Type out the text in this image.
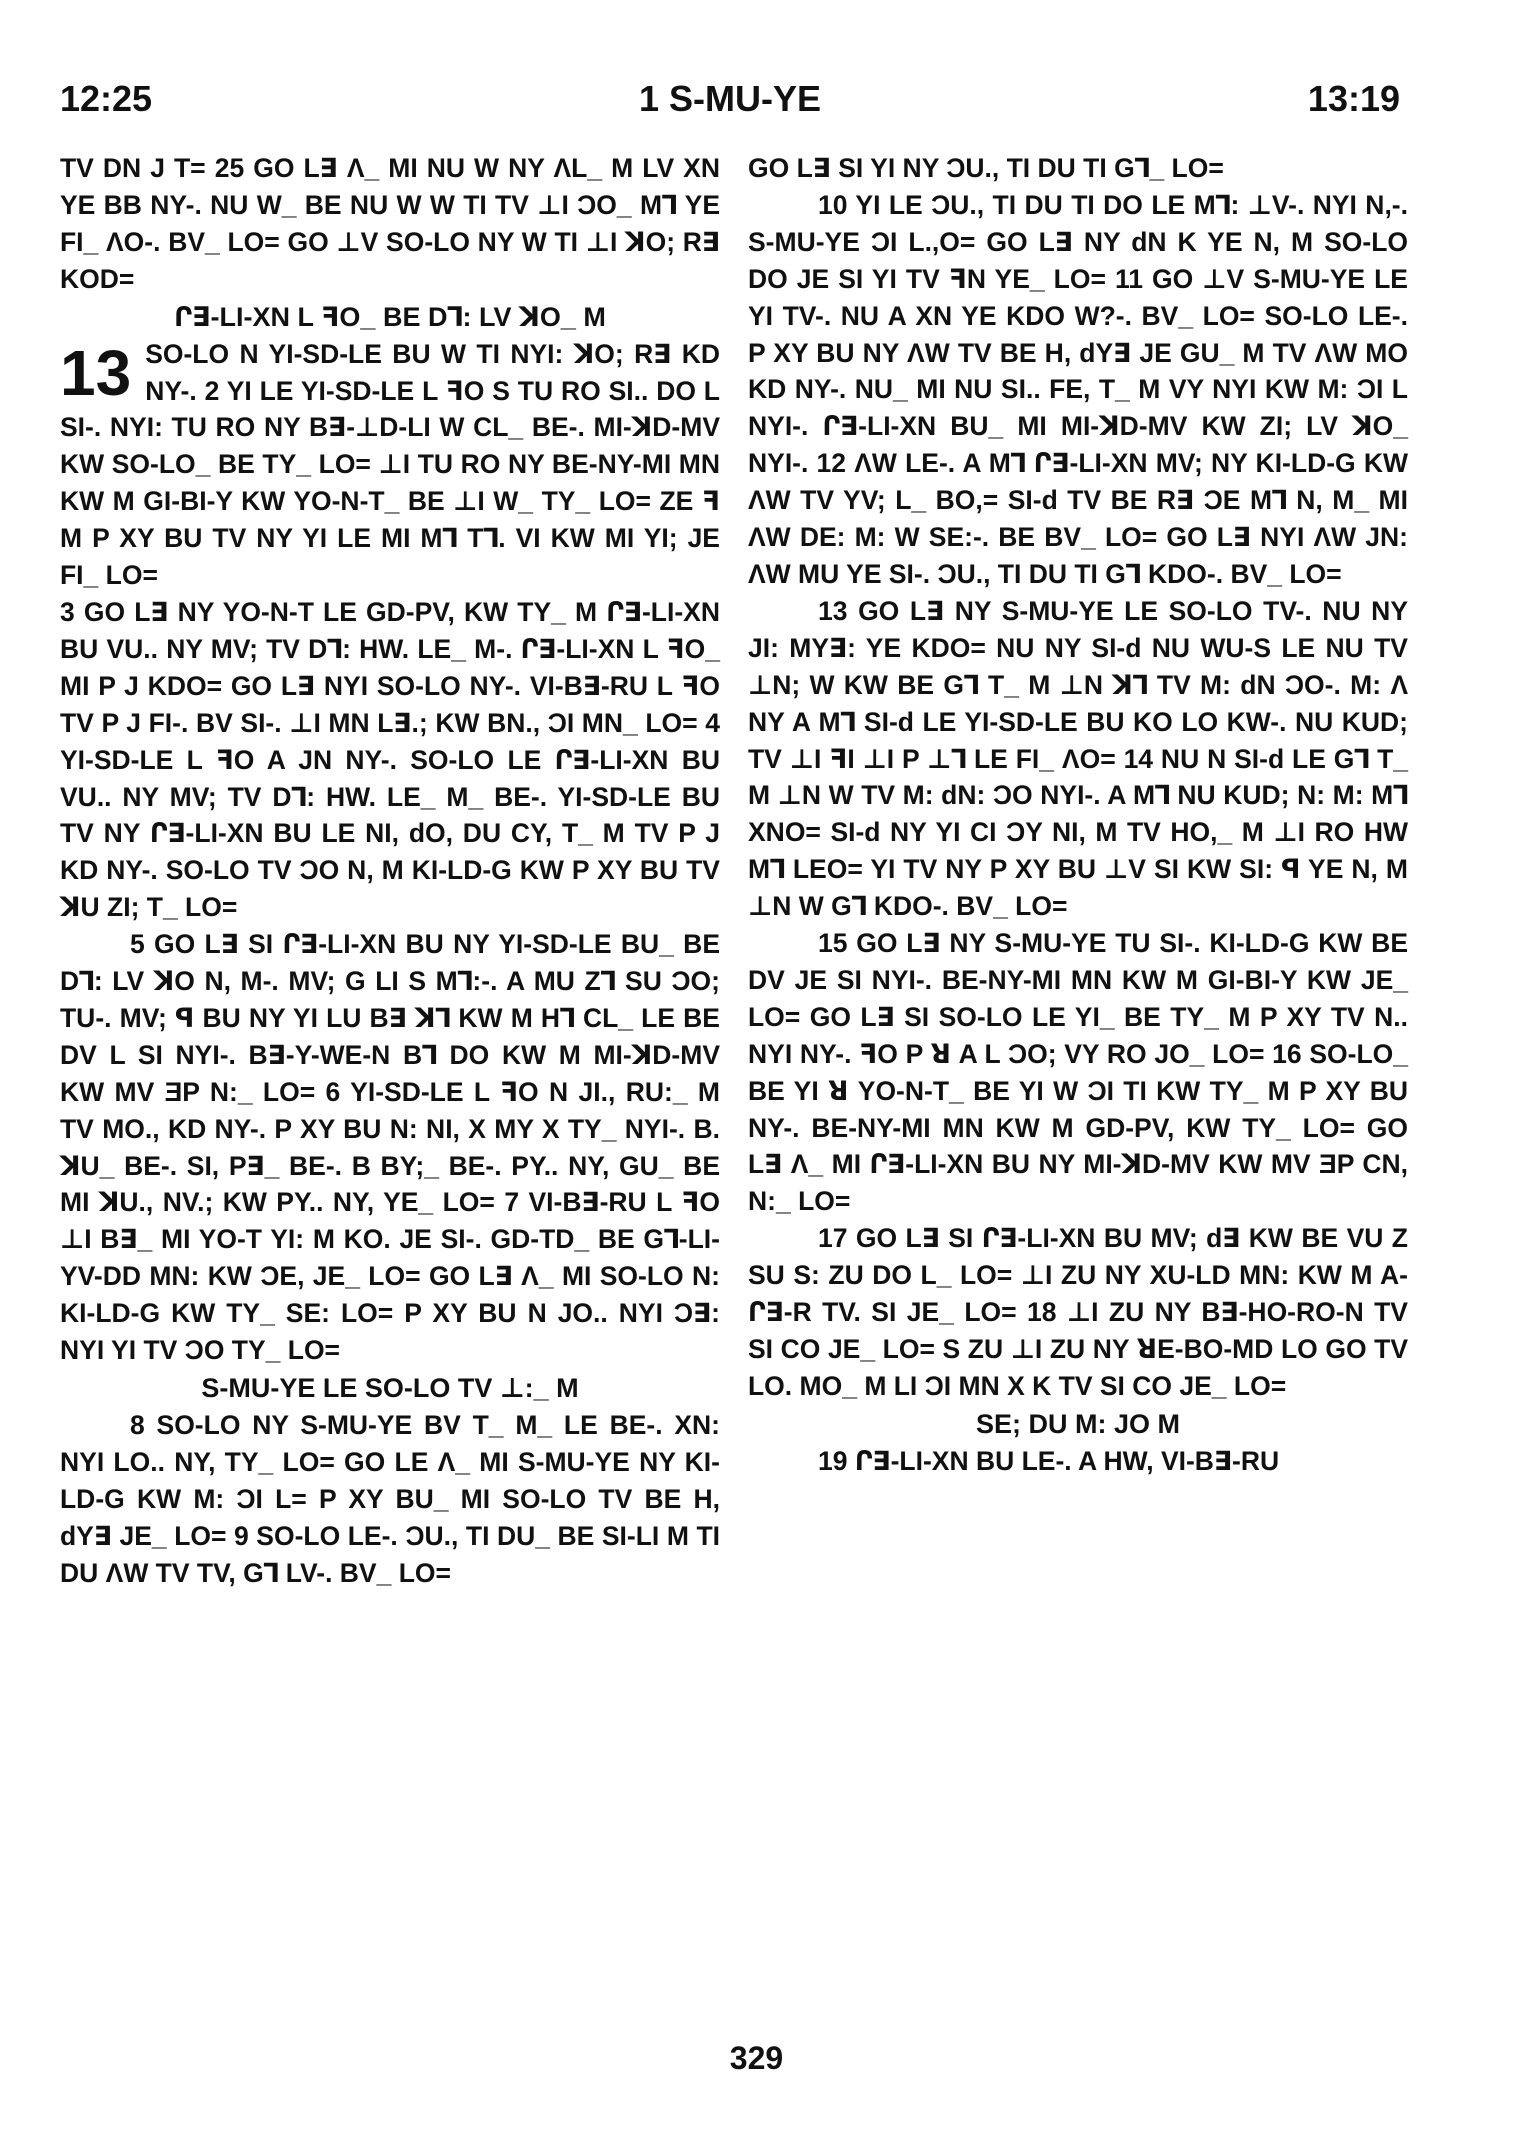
12:25	1 S-MU-YE	13:19

TV DN J T= 25 GO L∃ Λ_ MI NU W NY ΛL_ M LV XN YE BB NY-. NU W_ BE NU W W TI TV ⊥I ƆO_ M⅂ YE FI_ ΛO-. BV_ LO= GO ⊥V SO-LO NY W TI ⊥I ꓘO; R∃ KOD=

Ր∃-LI-XN L ꟻO_ BE D⅂: LV ꓘO_ M

13 SO-LO N YI-SD-LE BU W TI NYI: ꓘO; R∃ KD NY-. 2 YI LE YI-SD-LE L ꟻO S TU RO SI.. DO L SI-. NYI: TU RO NY B∃-⊥D-LI W CL_ BE-. MI-ꓘD-MV KW SO-LO_ BE TY_ LO= ⊥I TU RO NY BE-NY-MI MN KW M GI-BI-Y KW YO-N-T_ BE ⊥I W_ TY_ LO= ZE ꟻ M P XY BU TV NY YI LE MI M⅂ T⅂. VI KW MI YI; JE FI_ LO=

3 GO L∃ NY YO-N-T LE GD-PV, KW TY_ M Ր∃-LI-XN BU VU.. NY MV; TV D⅂: HW. LE_ M-. Ր∃-LI-XN L ꟻO_ MI P J KDO= GO L∃ NYI SO-LO NY-. VI-B∃-RU L ꟻO TV P J FI-. BV SI-. ⊥I MN L∃.; KW BN., ƆI MN_ LO= 4 YI-SD-LE L ꟻO A JN NY-. SO-LO LE Ր∃-LI-XN BU VU.. NY MV; TV D⅂: HW. LE_ M_ BE-. YI-SD-LE BU TV NY Ր∃-LI-XN BU LE NI, ԁO, DU CY, T_ M TV P J KD NY-. SO-LO TV ƆO N, M KI-LD-G KW P XY BU TV ꓘU ZI; T_ LO=

5 GO L∃ SI Ր∃-LI-XN BU NY YI-SD-LE BU_ BE D⅂: LV ꓘO N, M-. MV; G LI S M⅂:-. A MU Z⅂ SU ƆO; TU-. MV; ꟼ BU NY YI LU B∃ ꓘ⅂ KW M H⅂ CL_ LE BE DV L SI NYI-. B∃-Y-WE-N B⅂ DO KW M MI-ꓘD-MV KW MV ƎP N:_ LO= 6 YI-SD-LE L ꟻO N JI., RU:_ M TV MO., KD NY-. P XY BU N: NI, X MY X TY_ NYI-. B. ꓘU_ BE-. SI, P∃_ BE-. B BY;_ BE-. PY.. NY, GU_ BE MI ꓘU., NV.; KW PY.. NY, YE_ LO= 7 VI-B∃-RU L ꟻO ⊥I B∃_ MI YO-T YI: M KO. JE SI-. GD-TD_ BE G⅂-LI-YV-DD MN: KW ƆE, JE_ LO= GO L∃ Λ_ MI SO-LO N: KI-LD-G KW TY_ SE: LO= P XY BU N JO.. NYI Ɔ∃: NYI YI TV ƆO TY_ LO=

S-MU-YE LE SO-LO TV ⊥:_ M

8 SO-LO NY S-MU-YE BV T_ M_ LE BE-. XN: NYI LO.. NY, TY_ LO= GO LE Λ_ MI S-MU-YE NY KI-LD-G KW M: ƆI L= P XY BU_ MI SO-LO TV BE H, ԁY∃ JE_ LO= 9 SO-LO LE-. ƆU., TI DU_ BE SI-LI M TI DU ΛW TV TV, G⅂ LV-. BV_ LO=

GO L∃ SI YI NY ƆU., TI DU TI G⅂_ LO=

10 YI LE ƆU., TI DU TI DO LE M⅂: ⊥V-. NYI N,-. S-MU-YE ƆI L.,O= GO L∃ NY ԁN K YE N, M SO-LO DO JE SI YI TV ꟻN YE_ LO= 11 GO ⊥V S-MU-YE LE YI TV-. NU A XN YE KDO W?-. BV_ LO= SO-LO LE-. P XY BU NY ΛW TV BE H, ԁY∃ JE GU_ M TV ΛW MO KD NY-. NU_ MI NU SI.. FE, T_ M VY NYI KW M: ƆI L NYI-. Ր∃-LI-XN BU_ MI MI-ꓘD-MV KW ZI; LV ꓘO_ NYI-. 12 ΛW LE-. A M⅂ Ր∃-LI-XN MV; NY KI-LD-G KW ΛW TV YV; L_ BO,= SI-ԁ TV BE R∃ ƆE M⅂ N, M_ MI ΛW DE: M: W SE:-. BE BV_ LO= GO L∃ NYI ΛW JN: ΛW MU YE SI-. ƆU., TI DU TI G⅂ KDO-. BV_ LO=

13 GO L∃ NY S-MU-YE LE SO-LO TV-. NU NY JI: MY∃: YE KDO= NU NY SI-ԁ NU WU-S LE NU TV ⊥N; W KW BE G⅂ T_ M ⊥N ꓘ⅂ TV M: ԁN ƆO-. M: Λ NY A M⅂ SI-ԁ LE YI-SD-LE BU KO LO KW-. NU KUD; TV ⊥I ꟻI ⊥I P ⊥⅂ LE FI_ ΛO= 14 NU N SI-ԁ LE G⅂ T_ M ⊥N W TV M: ԁN: ƆO NYI-. A M⅂ NU KUD; N: M: M⅂ XNO= SI-ԁ NY YI CI ƆY NI, M TV HO,_ M ⊥I RO HW M⅂ LEO= YI TV NY P XY BU ⊥V SI KW SI: ꟼ YE N, M ⊥N W G⅂ KDO-. BV_ LO=

15 GO L∃ NY S-MU-YE TU SI-. KI-LD-G KW BE DV JE SI NYI-. BE-NY-MI MN KW M GI-BI-Y KW JE_ LO= GO L∃ SI SO-LO LE YI_ BE TY_ M P XY TV N.. NYI NY-. ꟻO P ꓤ A L ƆO; VY RO JO_ LO= 16 SO-LO_ BE YI ꓤ YO-N-T_ BE YI W ƆI TI KW TY_ M P XY BU NY-. BE-NY-MI MN KW M GD-PV, KW TY_ LO= GO L∃ Λ_ MI Ր∃-LI-XN BU NY MI-ꓘD-MV KW MV ƎP CN, N:_ LO=

17 GO L∃ SI Ր∃-LI-XN BU MV; ԁ∃ KW BE VU Z SU S: ZU DO L_ LO= ⊥I ZU NY XU-LD MN: KW M A-Ր∃-R TV. SI JE_ LO= 18 ⊥I ZU NY B∃-HO-RO-N TV SI CO JE_ LO= S ZU ⊥I ZU NY ꓤE-BO-MD LO GO TV LO. MO_ M LI ƆI MN X K TV SI CO JE_ LO=

SE; DU M: JO M

19 Ր∃-LI-XN BU LE-. A HW, VI-B∃-RU

329
